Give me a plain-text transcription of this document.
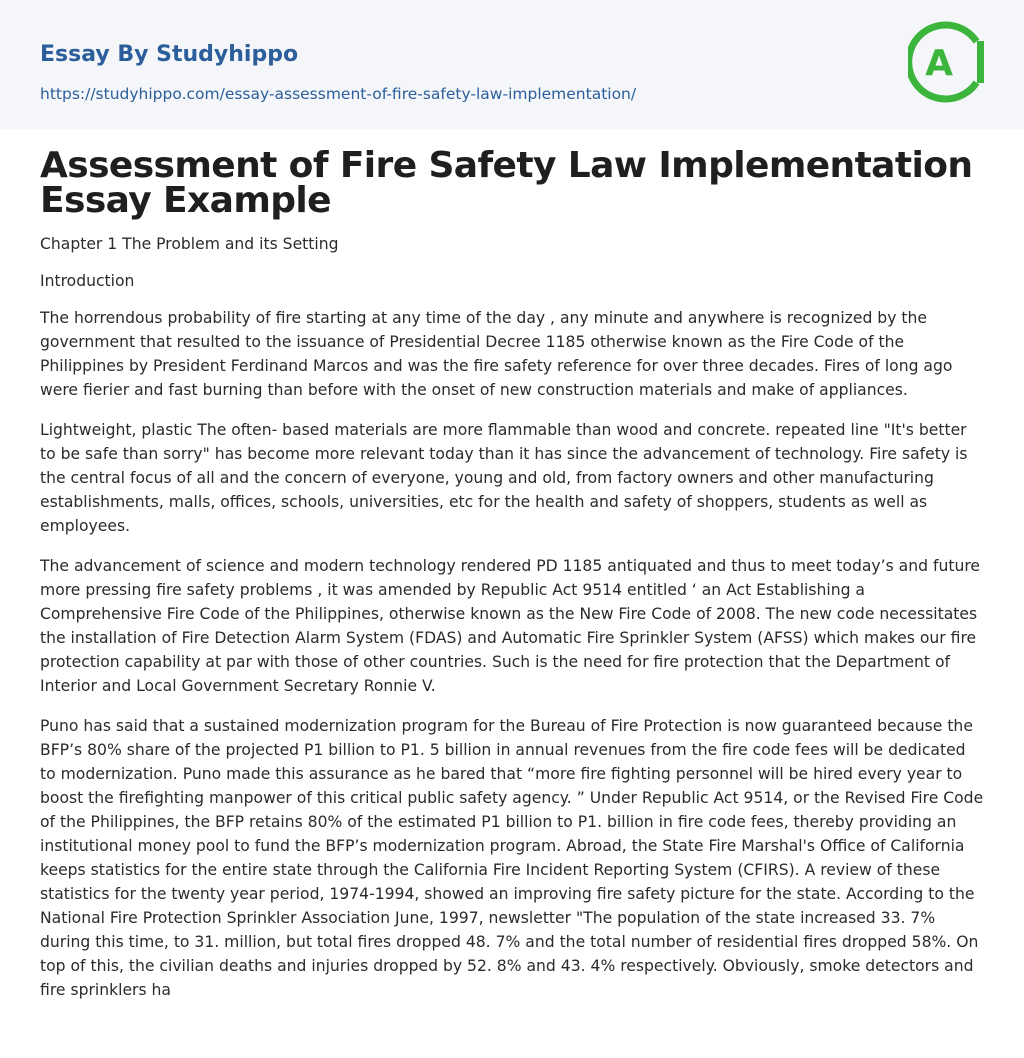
Essay By Studyhippo
https://studyhippo.com/essay-assessment-of-fire-safety-law-implementation/
A
Assessment of Fire Safety Law Implementation Essay Example

Chapter 1 The Problem and its Setting

Introduction

The horrendous probability of fire starting at any time of the day , any minute and anywhere is recognized by the government that resulted to the issuance of Presidential Decree 1185 otherwise known as the Fire Code of the Philippines by President Ferdinand Marcos and was the fire safety reference for over three decades. Fires of long ago were fierier and fast burning than before with the onset of new construction materials and make of appliances.

Lightweight, plastic The often- based materials are more flammable than wood and concrete. repeated line "It's better to be safe than sorry" has become more relevant today than it has since the advancement of technology. Fire safety is the central focus of all and the concern of everyone, young and old, from factory owners and other manufacturing establishments, malls, offices, schools, universities, etc for the health and safety of shoppers, students as well as employees.

The advancement of science and modern technology rendered PD 1185 antiquated and thus to meet today’s and future more pressing fire safety problems , it was amended by Republic Act 9514 entitled ‘ an Act Establishing a Comprehensive Fire Code of the Philippines, otherwise known as the New Fire Code of 2008. The new code necessitates the installation of Fire Detection Alarm System (FDAS) and Automatic Fire Sprinkler System (AFSS) which makes our fire protection capability at par with those of other countries. Such is the need for fire protection that the Department of Interior and Local Government Secretary Ronnie V.

Puno has said that a sustained modernization program for the Bureau of Fire Protection is now guaranteed because the BFP’s 80% share of the projected P1 billion to P1. 5 billion in annual revenues from the fire code fees will be dedicated to modernization. Puno made this assurance as he bared that “more fire fighting personnel will be hired every year to boost the firefighting manpower of this critical public safety agency. ” Under Republic Act 9514, or the Revised Fire Code of the Philippines, the BFP retains 80% of the estimated P1 billion to P1. billion in fire code fees, thereby providing an institutional money pool to fund the BFP’s modernization program. Abroad, the State Fire Marshal's Office of California keeps statistics for the entire state through the California Fire Incident Reporting System (CFIRS). A review of these statistics for the twenty year period, 1974-1994, showed an improving fire safety picture for the state. According to the National Fire Protection Sprinkler Association June, 1997, newsletter "The population of the state increased 33. 7% during this time, to 31. million, but total fires dropped 48. 7% and the total number of residential fires dropped 58%. On top of this, the civilian deaths and injuries dropped by 52. 8% and 43. 4% respectively. Obviously, smoke detectors and fire sprinklers ha
